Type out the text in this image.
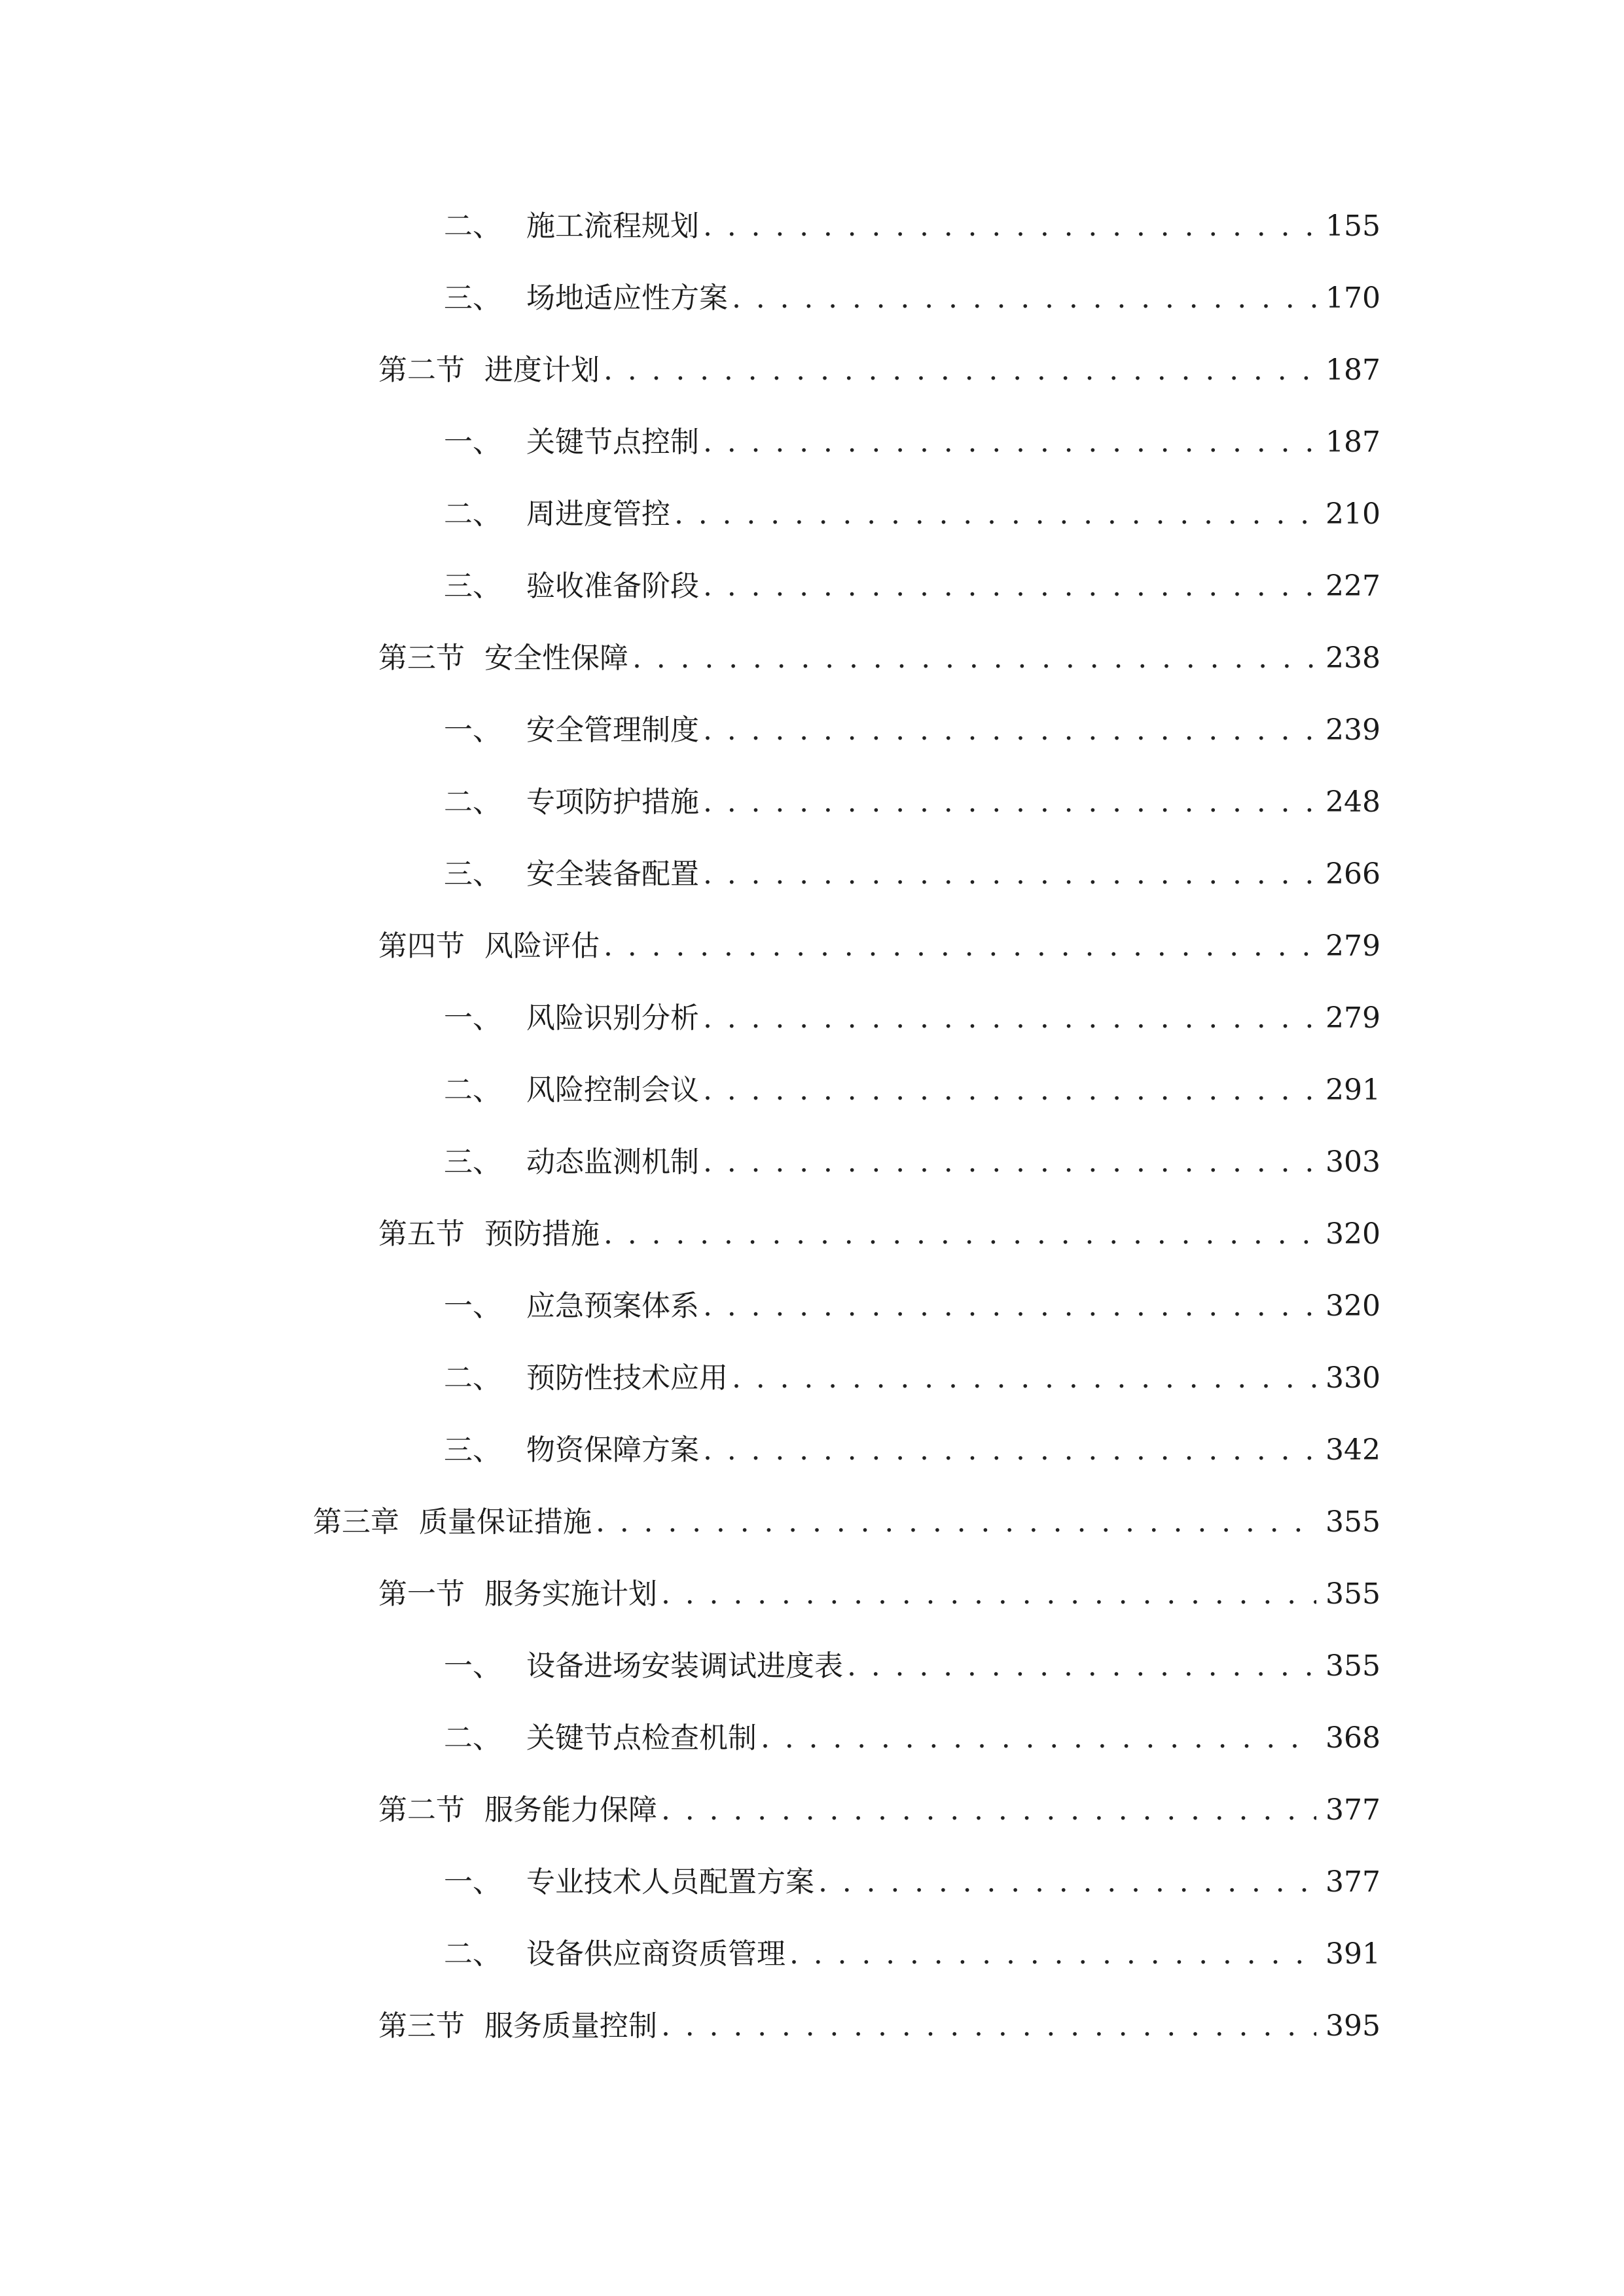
二、 施工流程规划 . . .	155
三、 场地适应性方案 . . .	170
第二节 进度计划 . . .	187
一、 关键节点控制 . . .	187
二、 周进度管控 . . .	210
三、 验收准备阶段 . . .	227
第三节 安全性保障 . . .	238
一、 安全管理制度 . . .	239
二、 专项防护措施 . . .	248
三、 安全装备配置 . . .	266
第四节 风险评估 . . .	279
一、 风险识别分析 . . .	279
二、 风险控制会议 . . .	291
三、 动态监测机制 . . .	303
第五节 预防措施 . . .	320
一、 应急预案体系 . . .	320
二、 预防性技术应用 . . .	330
三、 物资保障方案 . . .	342
第三章 质量保证措施 . . .	355
第一节 服务实施计划 . . .	355
一、 设备进场安装调试进度表 . . .	355
二、 关键节点检查机制 . . .	368
第二节 服务能力保障 . . .	377
一、 专业技术人员配置方案 . . .	377
二、 设备供应商资质管理 . . .	391
第三节 服务质量控制 . . .	395
